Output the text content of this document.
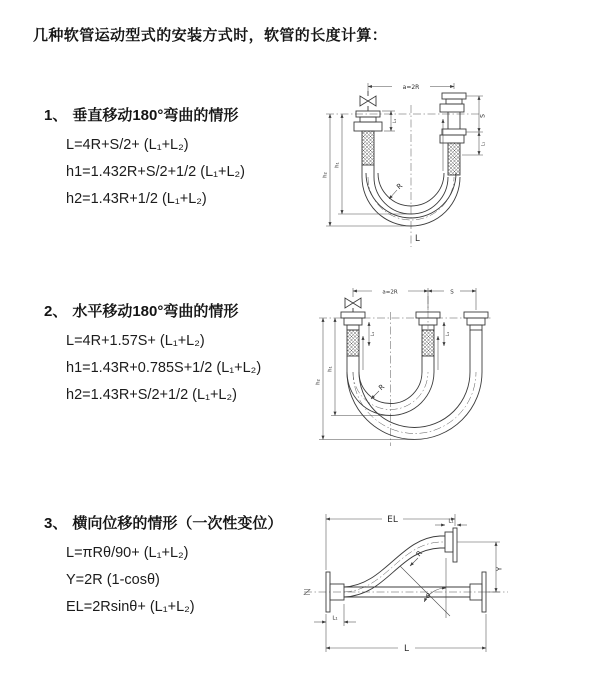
几种软管运动型式的安装方式时，软管的长度计算：
1、 垂直移动180°弯曲的情形
L=4R+S/2+ (L₁+L₂)
h1=1.432R+S/2+1/2 (L₁+L₂)
h2=1.43R+1/2 (L₁+L₂)
2、 水平移动180°弯曲的情形
L=4R+1.57S+ (L₁+L₂)
h1=1.43R+0.785S+1/2 (L₁+L₂)
h2=1.43R+S/2+1/2 (L₁+L₂)
3、 横向位移的情形（一次性变位）
L=πRθ/90+ (L₁+L₂)
Y=2R (1-cosθ)
EL=2Rsinθ+ (L₁+L₂)
a=2R
S
L₁
L₁
h₁
h₂
R
L
a=2R	S
h₁
h₂
L₁	L₁
R
EL	L₁
Y
L
L₁
θ
R
